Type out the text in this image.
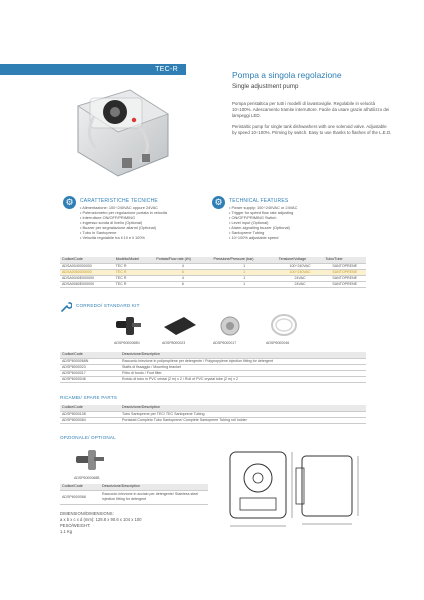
TEC-R
Pompa a singola regolazione
Single adjustment pump
Pompa peristaltica per tutti i modelli di lavastoviglie. Regolabile in velocità 10÷100%. Adescamento tramite interruttore. Facile da usare grazie all'utilizzo dei lampeggi LED.
Peristaltic pump for single tank dishwashers with one solenoid valve. Adjustable by speed 10÷100%. Priming by switch. Easy to use thanks to flashes of the L.E.D.
⚙	CARATTERISTICHE TECNICHE
• Alimentazione: 100÷240VAC oppure 24VAC
• Potenziometro per regolazione portata in velocità
• Interruttore ON/OFF/PRIMING
• Ingresso sonda di livello (Optional)
• Buzzer per segnalazione allarmi (Optional)
• Tubo in Santoprene
• Velocità regolabile tra il 10 e il 100%
⚙	TECHNICAL FEATURES
• Power supply: 100÷240VAC or 24VAC
• Trigger for speed flow rate adjusting
• ON/OFF/PRIMING Switch
• Level input (Optional)
• Alarm-signalling buzzer (Optional)
• Santoprene Tubing
• 10÷100% adjustable speed
Codice/Code	Modello/Model	Portata/Flow rate (l/h)	Pressione/Pressure (bar)	Tensione/Voltage	Tubo/Tube
ADSA0040000000	TEC R	4	1	100÷240VAC	SANTOPRENE
ADSA0060000000	TEC R	6	1	100÷240VAC	SANTOPRENE
ADSA0040E000000	TEC R	4	1	24VAC	SANTOPRENE
ADSA0060E000000	TEC R	6	1	24VAC	SANTOPRENE
CORREDO/ STANDARD KIT
ADSP6000068N	ADSP8000023	ADSP6000017	ADSP6000046
Codice/Code	Descrizione/Description
ADSP6000068N	Raccordo iniezione in polipropilene per detergente / Polypropylene injection fitting for detergent
ADSP8000023	Staffa di fissaggio / Mounting bracket
ADSP6000017	Filtro di fondo / Foot filter
ADSP6000046	Rotolo di tubo in PVC cristal (2 m) x 2 / Roll of PVC crystal tube (2 m) x 2
RICAMBI/ SPARE PARTS
Codice/Code	Descrizione/Description
ADSP8000108	Tubo Santoprene per TEC/ TEC Santoprene Tubing
ADSP8000084	Portatubi Completo Tubo Santoprene/ Complete Santoprene Tubing roll holder
OPZIONALE/ OPTIONAL
ADSP6000068B
Codice/Code	Descrizione/Description
ADSP6000068	Raccordo iniezione in acciaio per detergente/ Stainless steel injection fitting for detergent
DIMENSIONI/DIMENSIONS:
a x b x c x d (mm): 128.8 x 90.6 x 104 x 100
PESO/WEIGHT:
1.1 Kg
